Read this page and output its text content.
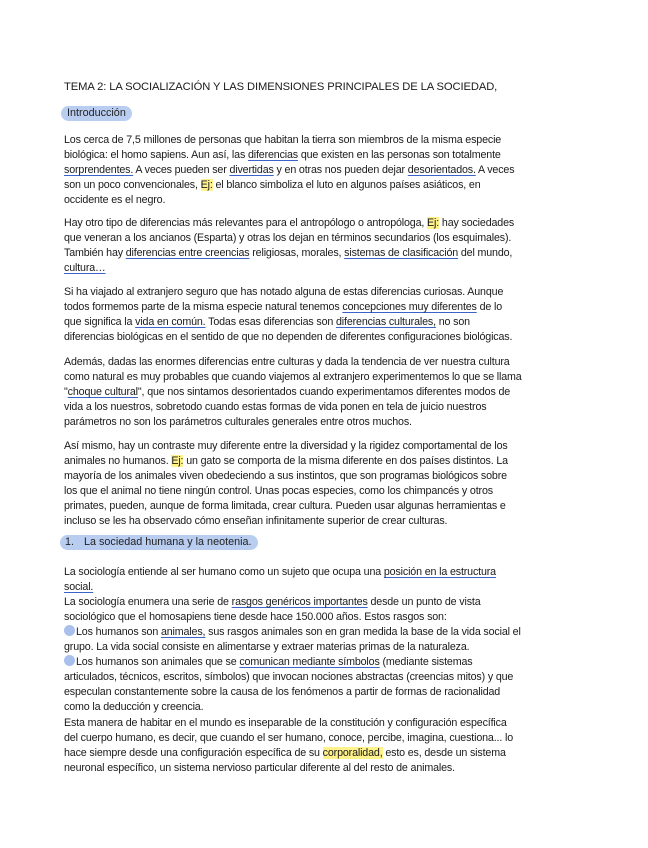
TEMA 2: LA SOCIALIZACIÓN Y LAS DIMENSIONES PRINCIPALES DE LA SOCIEDAD,
Introducción
Los cerca de 7,5 millones de personas que habitan la tierra son miembros de la misma especie
biológica: el homo sapiens. Aun así, las diferencias que existen en las personas son totalmente
sorprendentes. A veces pueden ser divertidas y en otras nos pueden dejar desorientados. A veces
son un poco convencionales, Ej: el blanco simboliza el luto en algunos países asiáticos, en
occidente es el negro.
Hay otro tipo de diferencias más relevantes para el antropólogo o antropóloga, Ej: hay sociedades
que veneran a los ancianos (Esparta) y otras los dejan en términos secundarios (los esquimales).
También hay diferencias entre creencias religiosas, morales, sistemas de clasificación del mundo,
cultura…
Si ha viajado al extranjero seguro que has notado alguna de estas diferencias curiosas. Aunque
todos formemos parte de la misma especie natural tenemos concepciones muy diferentes de lo
que significa la vida en común. Todas esas diferencias son diferencias culturales, no son
diferencias biológicas en el sentido de que no dependen de diferentes configuraciones biológicas.
Además, dadas las enormes diferencias entre culturas y dada la tendencia de ver nuestra cultura
como natural es muy probables que cuando viajemos al extranjero experimentemos lo que se llama
"choque cultural", que nos sintamos desorientados cuando experimentamos diferentes modos de
vida a los nuestros, sobretodo cuando estas formas de vida ponen en tela de juicio nuestros
parámetros no son los parámetros culturales generales entre otros muchos.
Así mismo, hay un contraste muy diferente entre la diversidad y la rigidez comportamental de los
animales no humanos. Ej: un gato se comporta de la misma diferente en dos países distintos. La
mayoría de los animales viven obedeciendo a sus instintos, que son programas biológicos sobre
los que el animal no tiene ningún control. Unas pocas especies, como los chimpancés y otros
primates, pueden, aunque de forma limitada, crear cultura. Pueden usar algunas herramientas e
incluso se les ha observado cómo enseñan infinitamente superior de crear culturas.
1. La sociedad humana y la neotenia.
La sociología entiende al ser humano como un sujeto que ocupa una posición en la estructura
social.
La sociología enumera una serie de rasgos genéricos importantes desde un punto de vista
sociológico que el homosapiens tiene desde hace 150.000 años. Estos rasgos son:
Los humanos son animales, sus rasgos animales son en gran medida la base de la vida social el
grupo. La vida social consiste en alimentarse y extraer materias primas de la naturaleza.
Los humanos son animales que se comunican mediante símbolos (mediante sistemas
articulados, técnicos, escritos, símbolos) que invocan nociones abstractas (creencias mitos) y que
especulan constantemente sobre la causa de los fenómenos a partir de formas de racionalidad
como la deducción y creencia.
Esta manera de habitar en el mundo es inseparable de la constitución y configuración específica
del cuerpo humano, es decir, que cuando el ser humano, conoce, percibe, imagina, cuestiona... lo
hace siempre desde una configuración específica de su corporalidad, esto es, desde un sistema
neuronal específico, un sistema nervioso particular diferente al del resto de animales.
